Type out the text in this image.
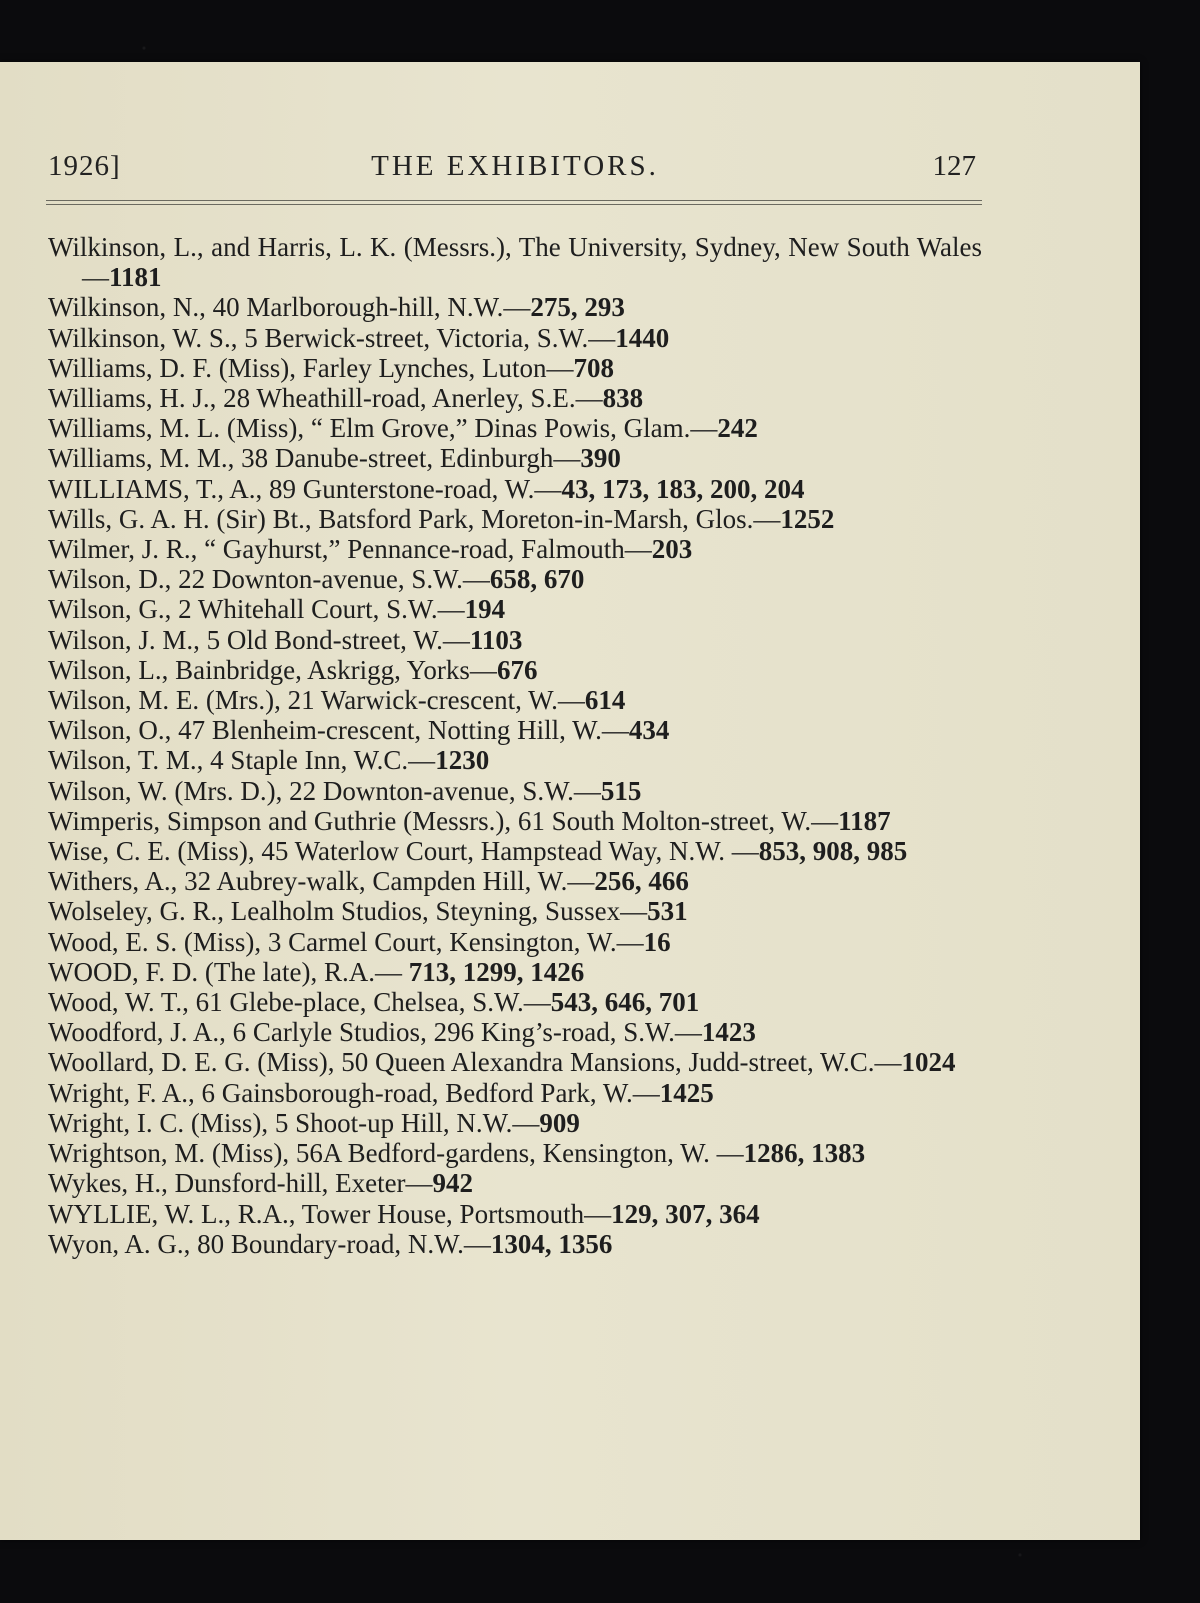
1926]	THE EXHIBITORS.	127
Wilkinson, L., and Harris, L. K. (Messrs.), The University, Sydney, New South Wales—1181
Wilkinson, N., 40 Marlborough-hill, N.W.—275, 293
Wilkinson, W. S., 5 Berwick-street, Victoria, S.W.—1440
Williams, D. F. (Miss), Farley Lynches, Luton—708
Williams, H. J., 28 Wheathill-road, Anerley, S.E.—838
Williams, M. L. (Miss), “ Elm Grove,” Dinas Powis, Glam.—242
Williams, M. M., 38 Danube-street, Edinburgh—390
WILLIAMS, T., A., 89 Gunterstone-road, W.—43, 173, 183, 200, 204
Wills, G. A. H. (Sir) Bt., Batsford Park, Moreton-in-Marsh, Glos.—1252
Wilmer, J. R., “ Gayhurst,” Pennance-road, Falmouth—203
Wilson, D., 22 Downton-avenue, S.W.—658, 670
Wilson, G., 2 Whitehall Court, S.W.—194
Wilson, J. M., 5 Old Bond-street, W.—1103
Wilson, L., Bainbridge, Askrigg, Yorks—676
Wilson, M. E. (Mrs.), 21 Warwick-crescent, W.—614
Wilson, O., 47 Blenheim-crescent, Notting Hill, W.—434
Wilson, T. M., 4 Staple Inn, W.C.—1230
Wilson, W. (Mrs. D.), 22 Downton-avenue, S.W.—515
Wimperis, Simpson and Guthrie (Messrs.), 61 South Molton-street, W.—1187
Wise, C. E. (Miss), 45 Waterlow Court, Hampstead Way, N.W. —853, 908, 985
Withers, A., 32 Aubrey-walk, Campden Hill, W.—256, 466
Wolseley, G. R., Lealholm Studios, Steyning, Sussex—531
Wood, E. S. (Miss), 3 Carmel Court, Kensington, W.—16
WOOD, F. D. (The late), R.A.— 713, 1299, 1426
Wood, W. T., 61 Glebe-place, Chelsea, S.W.—543, 646, 701
Woodford, J. A., 6 Carlyle Studios, 296 King’s-road, S.W.—1423
Woollard, D. E. G. (Miss), 50 Queen Alexandra Mansions, Judd-street, W.C.—1024
Wright, F. A., 6 Gainsborough-road, Bedford Park, W.—1425
Wright, I. C. (Miss), 5 Shoot-up Hill, N.W.—909
Wrightson, M. (Miss), 56A Bedford-gardens, Kensington, W. —1286, 1383
Wykes, H., Dunsford-hill, Exeter—942
WYLLIE, W. L., R.A., Tower House, Portsmouth—129, 307, 364
Wyon, A. G., 80 Boundary-road, N.W.—1304, 1356
